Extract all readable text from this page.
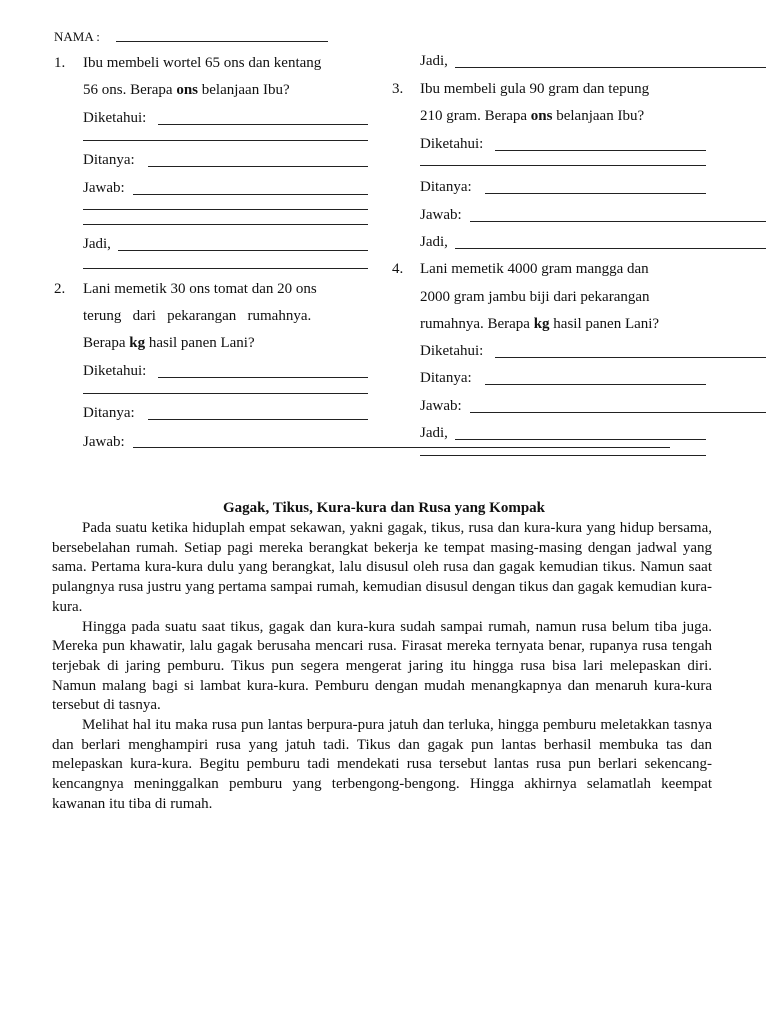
NAMA :
1. Ibu membeli wortel 65 ons dan kentang
56 ons. Berapa ons belanjaan Ibu?
Diketahui:
Ditanya:
Jawab:
Jadi,
2. Lani memetik 30 ons tomat dan 20 ons
terung   dari   pekarangan   rumahnya.
Berapa kg hasil panen Lani?
Diketahui:
Ditanya:
Jawab:
Jadi,
3. Ibu membeli gula 90 gram dan tepung
210 gram. Berapa ons belanjaan Ibu?
Diketahui:
Ditanya:
Jawab:
Jadi,
4. Lani memetik 4000 gram mangga dan
2000 gram jambu biji dari pekarangan
rumahnya. Berapa kg hasil panen Lani?
Diketahui:
Ditanya:
Jawab:
Jadi,
Gagak, Tikus, Kura-kura dan Rusa yang Kompak

Pada suatu ketika hiduplah empat sekawan, yakni gagak, tikus, rusa dan kura-kura yang hidup bersama, bersebelahan rumah. Setiap pagi mereka berangkat bekerja ke tempat masing-masing dengan jadwal yang sama. Pertama kura-kura dulu yang berangkat, lalu disusul oleh rusa dan gagak kemudian tikus. Namun saat pulangnya rusa justru yang pertama sampai rumah, kemudian disusul dengan tikus dan gagak kemudian kura-kura.

Hingga pada suatu saat tikus, gagak dan kura-kura sudah sampai rumah, namun rusa belum tiba juga. Mereka pun khawatir, lalu gagak berusaha mencari rusa. Firasat mereka ternyata benar, rupanya rusa tengah terjebak di jaring pemburu. Tikus pun segera mengerat jaring itu hingga rusa bisa lari melepaskan diri. Namun malang bagi si lambat kura-kura. Pemburu dengan mudah menangkapnya dan menaruh kura-kura tersebut di tasnya.

Melihat hal itu maka rusa pun lantas berpura-pura jatuh dan terluka, hingga pemburu meletakkan tasnya dan berlari menghampiri rusa yang jatuh tadi. Tikus dan gagak pun lantas berhasil membuka tas dan melepaskan kura-kura. Begitu pemburu tadi mendekati rusa tersebut lantas rusa pun berlari sekencang-kencangnya meninggalkan pemburu yang terbengong-bengong. Hingga akhirnya selamatlah keempat kawanan itu tiba di rumah.
